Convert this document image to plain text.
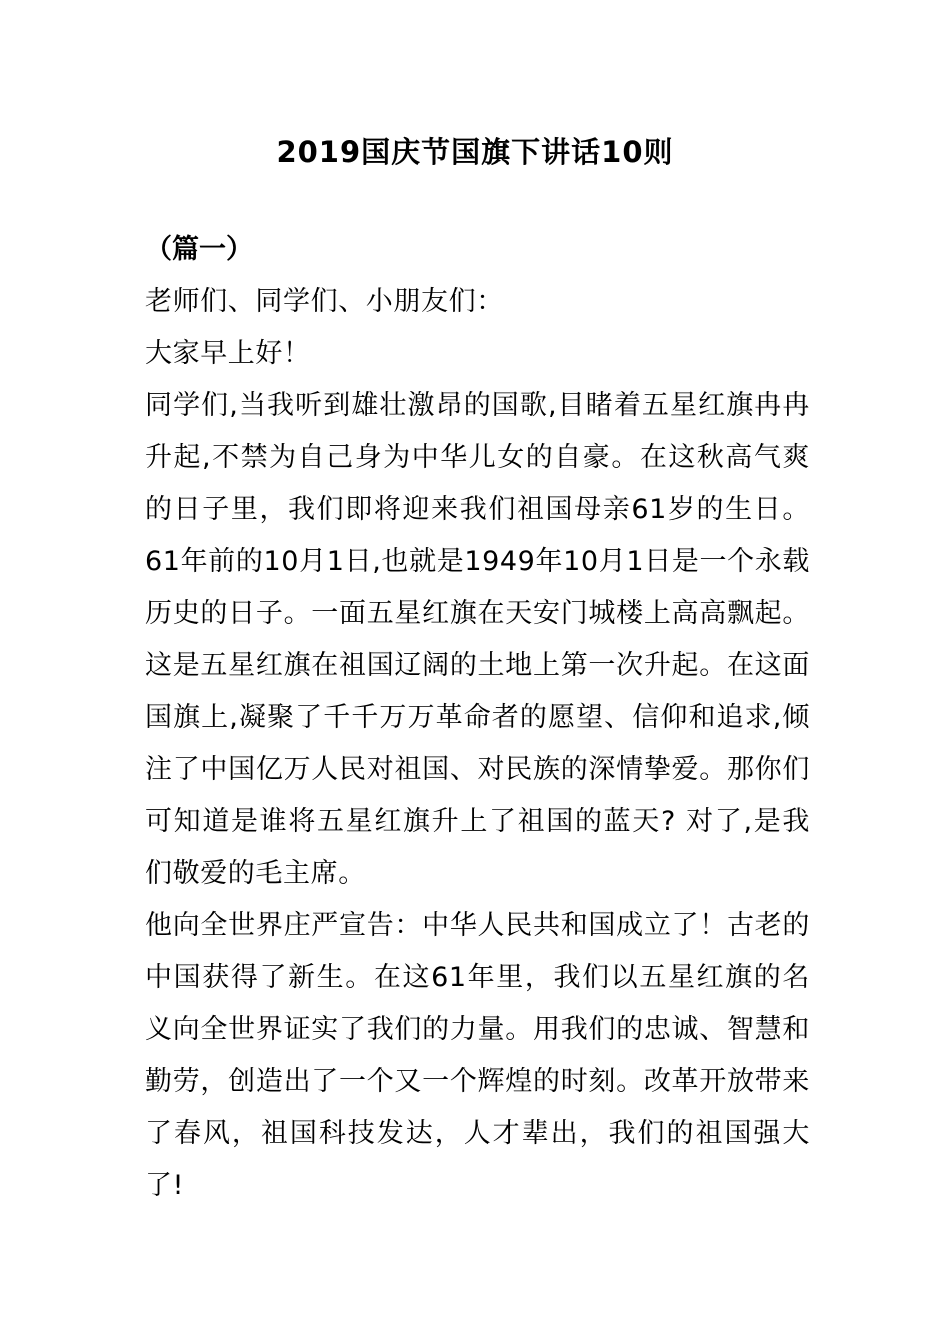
2019国庆节国旗下讲话10则
（篇一）

老师们、同学们、小朋友们：

大家早上好！

同学们,当我听到雄壮激昂的国歌,目睹着五星红旗冉冉升起,不禁为自己身为中华儿女的自豪。在这秋高气爽的日子里，我们即将迎来我们祖国母亲61岁的生日。61年前的10月1日,也就是1949年10月1日是一个永载历史的日子。一面五星红旗在天安门城楼上高高飘起。这是五星红旗在祖国辽阔的土地上第一次升起。在这面国旗上,凝聚了千千万万革命者的愿望、信仰和追求,倾注了中国亿万人民对祖国、对民族的深情挚爱。那你们可知道是谁将五星红旗升上了祖国的蓝天? 对了,是我们敬爱的毛主席。

他向全世界庄严宣告：中华人民共和国成立了！古老的中国获得了新生。在这61年里，我们以五星红旗的名义向全世界证实了我们的力量。用我们的忠诚、智慧和勤劳，创造出了一个又一个辉煌的时刻。改革开放带来了春风，祖国科技发达，人才辈出，我们的祖国强大了!
